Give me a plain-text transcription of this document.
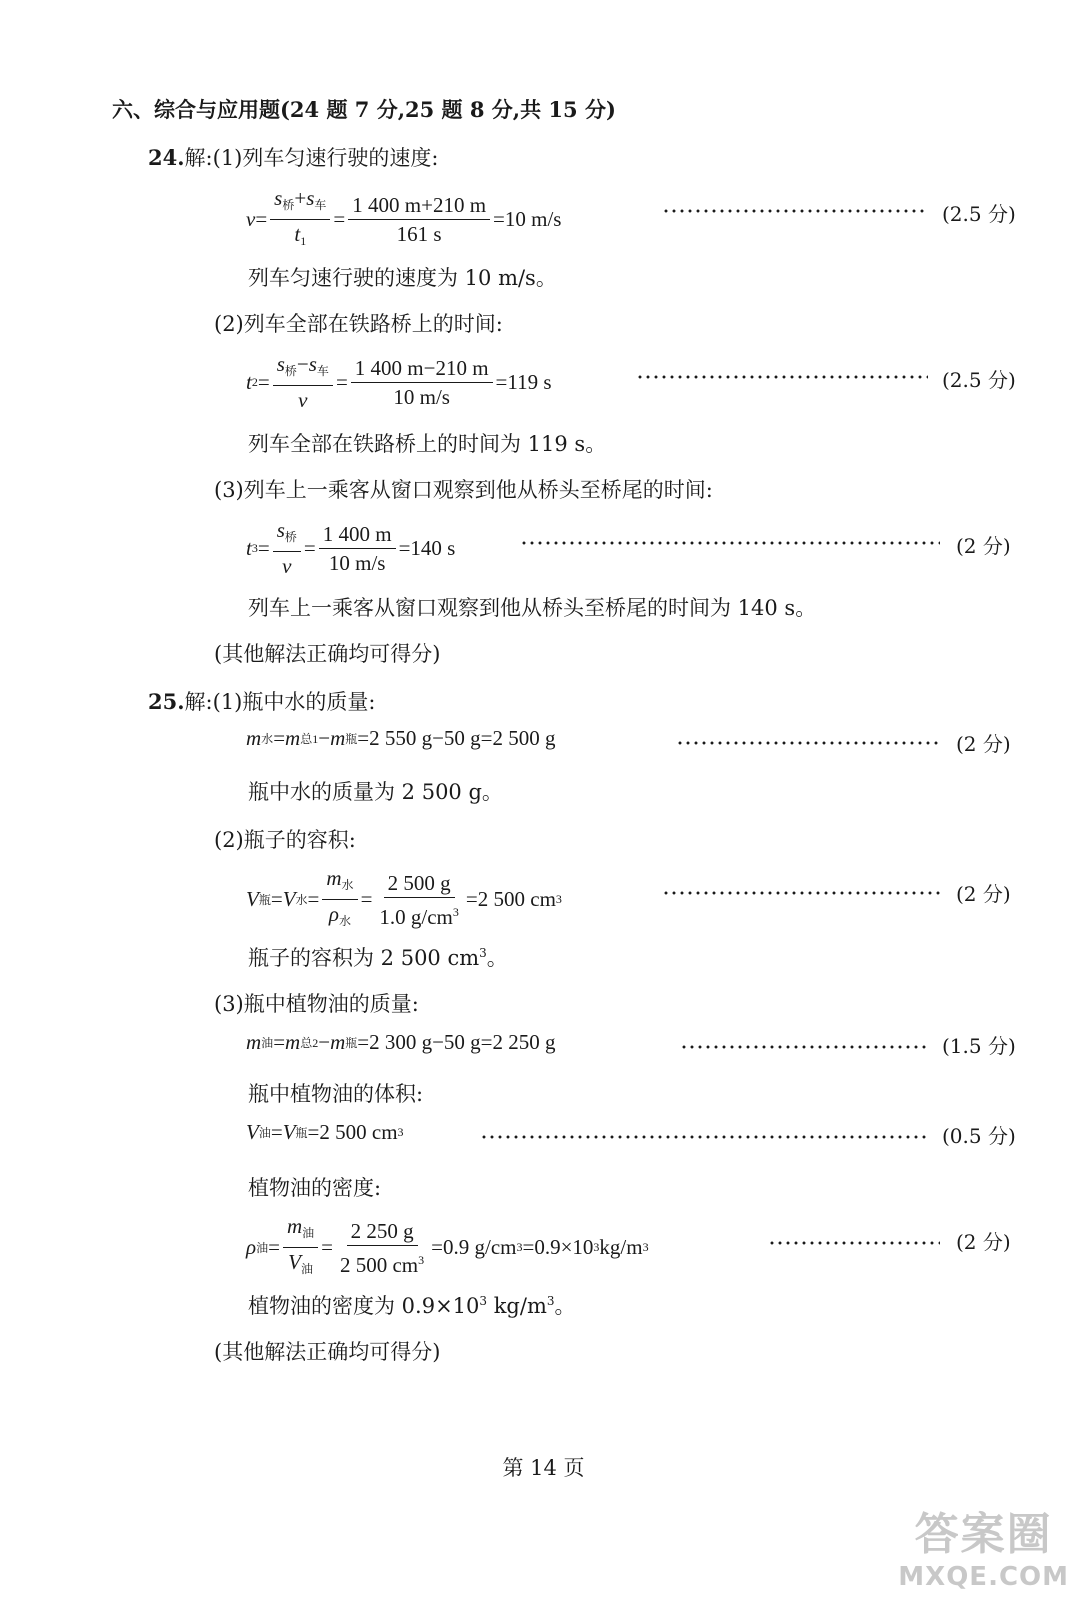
六、综合与应用题(24 题 7 分,25 题 8 分,共 15 分)
24.解:(1)列车匀速行驶的速度:
$v = \frac{s_桥+s_车}{t_1} = \frac{1 400 m+210 m}{161 s} =10$ m/s	(2.5 分)
列车匀速行驶的速度为 10 m/s。
(2)列车全部在铁路桥上的时间:
t $2 = \frac{s_桥-s_车}{v} = \frac{1 400 m-210 m}{10 m/s} =119$ s	(2.5 分)
列车全部在铁路桥上的时间为 119 s。
(3)列车上一乘客从窗口观察到他从桥头至桥尾的时间:
t $3 = \frac{s_桥}{v} = \frac{1 400 m}{10 m/s} =140$ s	(2 分)
列车上一乘客从窗口观察到他从桥头至桥尾的时间为 140 s。
(其他解法正确均可得分)
25.解:(1)瓶中水的质量:
m 水 = m 总1 − m 瓶 =2 550 g−50 g=2 500 g	(2 分)
瓶中水的质量为 2 500 g。
(2)瓶子的容积:
V 瓶 = V 水 = $\frac{m_水}{\rho_水} = \frac{2 500 g}{1.0 g/cm^3} =2$ 500 cm 3	(2 分)
瓶子的容积为 2 500 $cm^3$。
(3)瓶中植物油的质量:
m 油 = m 总2 − m 瓶 =2 300 g−50 g=2 250 g	(1.5 分)
瓶中植物油的体积:
V 油 = V 瓶 =2 500 cm 3	(0.5 分)
植物油的密度:
ρ 油 = $\frac{m_油}{V_油} = \frac{2 250 g}{2 500 cm^3} =0.9$ g/cm 3 =0.9×10 3 kg/m 3	(2 分)
植物油的密度为 $0.9\times 10^3$ $kg/m^3$。
(其他解法正确均可得分)
第 14 页
答案圈
MXQE.COM
